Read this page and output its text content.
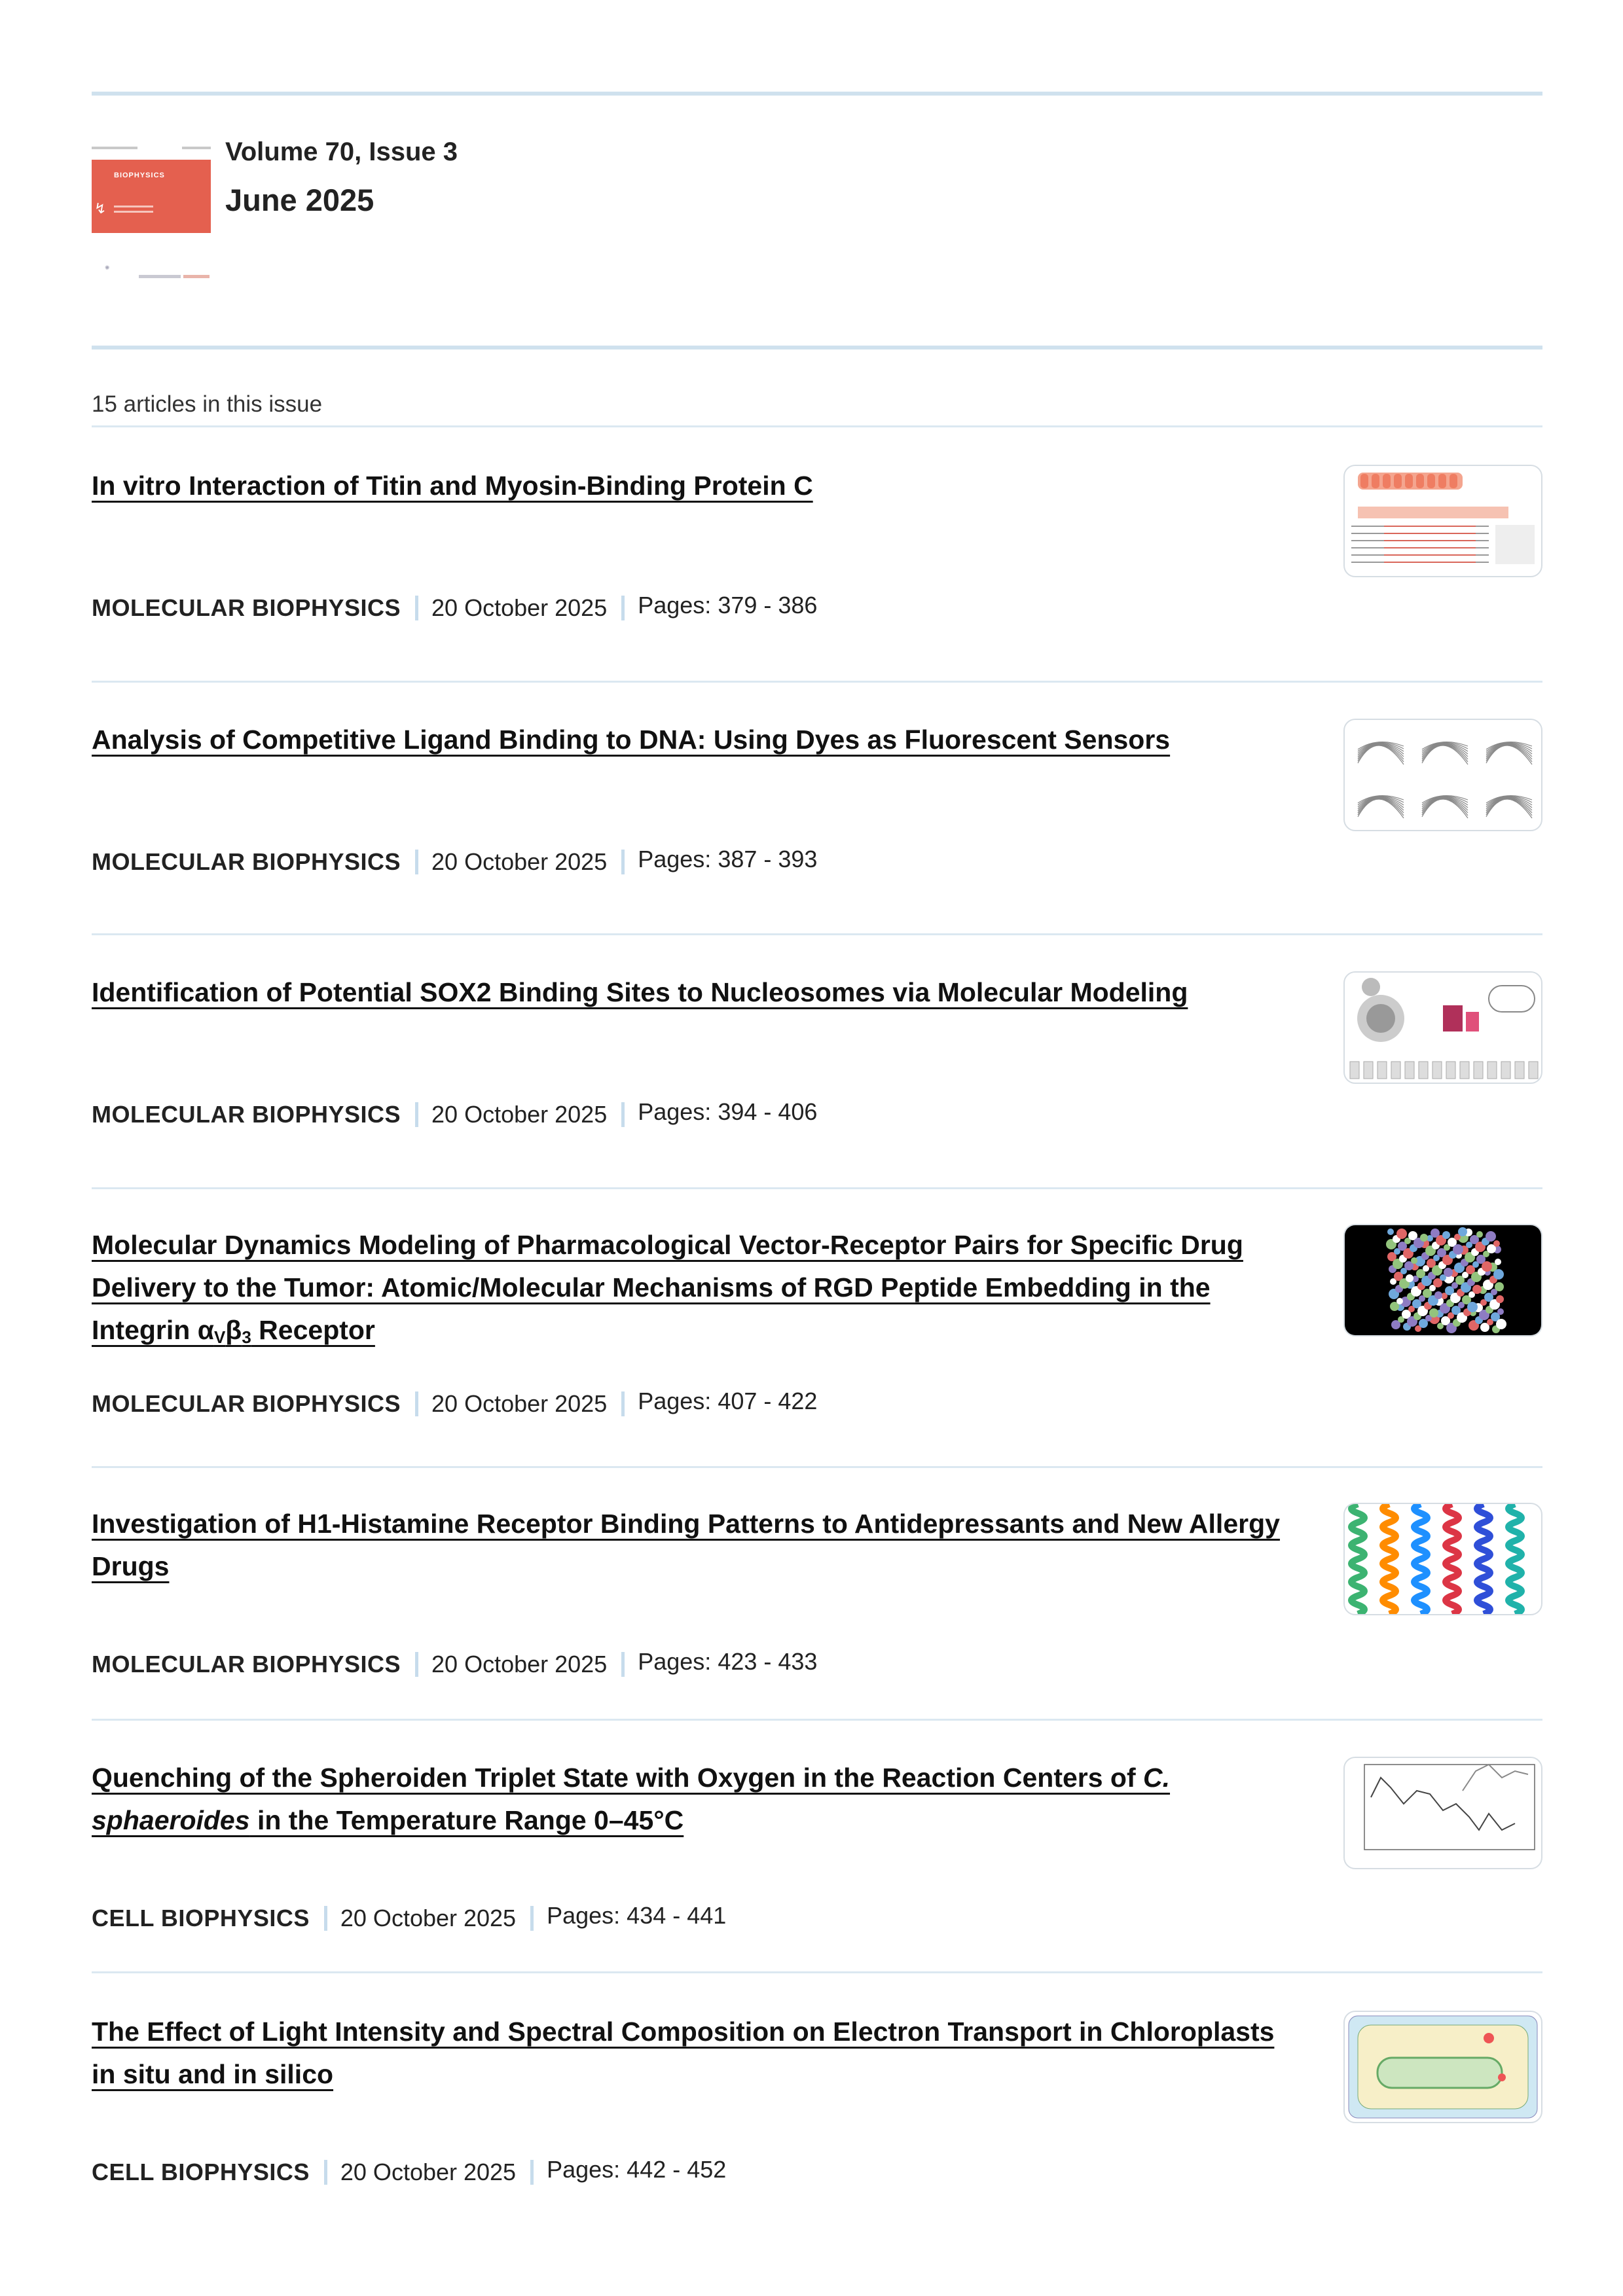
BIOPHYSICS
↯
✺
Volume 70, Issue 3
June 2025
15 articles in this issue
In vitro Interaction of Titin and Myosin-Binding Protein C
MOLECULAR BIOPHYSICS 20 October 2025 Pages: 379 - 386
Analysis of Competitive Ligand Binding to DNA: Using Dyes as Fluorescent Sensors
MOLECULAR BIOPHYSICS 20 October 2025 Pages: 387 - 393
Identification of Potential SOX2 Binding Sites to Nucleosomes via Molecular Modeling
MOLECULAR BIOPHYSICS 20 October 2025 Pages: 394 - 406
Molecular Dynamics Modeling of Pharmacological Vector-Receptor Pairs for Specific Drug Delivery to the Tumor: Atomic/Molecular Mechanisms of RGD Peptide Embedding in the Integrin $\alpha_V\beta_3$ Receptor
MOLECULAR BIOPHYSICS 20 October 2025 Pages: 407 - 422
Investigation of H1-Histamine Receptor Binding Patterns to Antidepressants and New Allergy Drugs
MOLECULAR BIOPHYSICS 20 October 2025 Pages: 423 - 433
Quenching of the Spheroiden Triplet State with Oxygen in the Reaction Centers of C. sphaeroides in the Temperature Range 0–45°C
CELL BIOPHYSICS 20 October 2025 Pages: 434 - 441
The Effect of Light Intensity and Spectral Composition on Electron Transport in Chloroplasts in situ and in silico
CELL BIOPHYSICS 20 October 2025 Pages: 442 - 452
